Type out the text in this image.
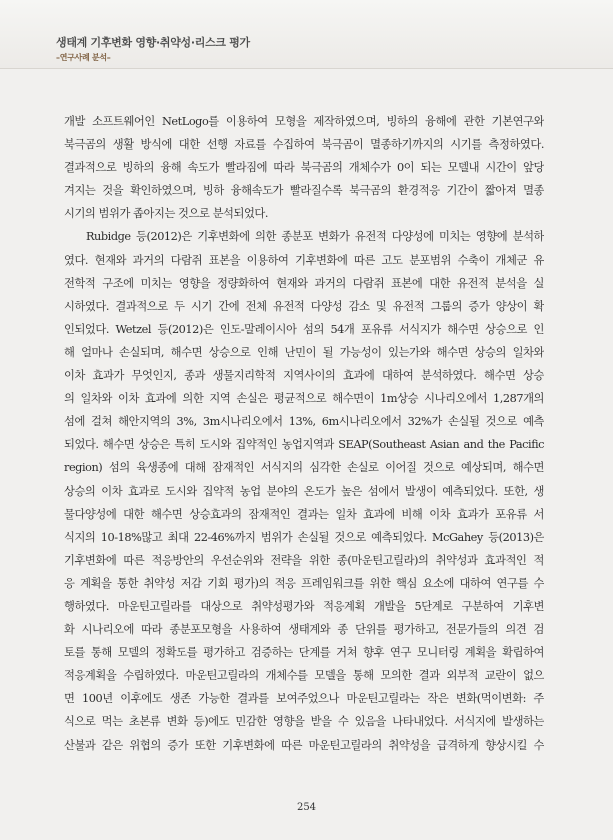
생태계 기후변화 영향·취약성·리스크 평가
–연구사례 분석–
개발 소프트웨어인 NetLogo를 이용하여 모형을 제작하였으며, 빙하의 융해에 관한 기본연구와
북극곰의 생활 방식에 대한 선행 자료를 수집하여 북극곰이 멸종하기까지의 시기를 측정하였다.
결과적으로 빙하의 융해 속도가 빨라짐에 따라 북극곰의 개체수가 0이 되는 모델내 시간이 앞당
겨지는 것을 확인하였으며, 빙하 융해속도가 빨라질수록 북극곰의 환경적응 기간이 짧아져 멸종
시기의 범위가 좁아지는 것으로 분석되었다.
Rubidge 등(2012)은 기후변화에 의한 종분포 변화가 유전적 다양성에 미치는 영향에 분석하
였다. 현재와 과거의 다람쥐 표본을 이용하여 기후변화에 따른 고도 분포범위 수축이 개체군 유
전학적 구조에 미치는 영향을 정량화하여 현재와 과거의 다람쥐 표본에 대한 유전적 분석을 실
시하였다. 결과적으로 두 시기 간에 전체 유전적 다양성 감소 및 유전적 그룹의 증가 양상이 확
인되었다. Wetzel 등(2012)은 인도-말레이시아 섬의 54개 포유류 서식지가 해수면 상승으로 인
해 얼마나 손실되며, 해수면 상승으로 인해 난민이 될 가능성이 있는가와 해수면 상승의 일차와
이차 효과가 무엇인지, 종과 생물지리학적 지역사이의 효과에 대하여 분석하였다. 해수면 상승
의 일차와 이차 효과에 의한 지역 손실은 평균적으로 해수면이 1m상승 시나리오에서 1,287개의
섬에 걸쳐 해안지역의 3%, 3m시나리오에서 13%, 6m시나리오에서 32%가 손실될 것으로 예측
되었다. 해수면 상승은 특히 도시와 집약적인 농업지역과 SEAP(Southeast Asian and the Pacific
region) 섬의 육생종에 대해 잠재적인 서식지의 심각한 손실로 이어질 것으로 예상되며, 해수면
상승의 이차 효과로 도시와 집약적 농업 분야의 온도가 높은 섬에서 발생이 예측되었다. 또한, 생
물다양성에 대한 해수면 상승효과의 잠재적인 결과는 일차 효과에 비해 이차 효과가 포유류 서
식지의 10-18%많고 최대 22-46%까지 범위가 손실될 것으로 예측되었다. McGahey 등(2013)은
기후변화에 따른 적응방안의 우선순위와 전략을 위한 종(마운틴고릴라)의 취약성과 효과적인 적
응 계획을 통한 취약성 저감 기회 평가)의 적응 프레임워크를 위한 핵심 요소에 대하여 연구를 수
행하였다. 마운틴고릴라를 대상으로 취약성평가와 적응계획 개발을 5단계로 구분하여 기후변
화 시나리오에 따라 종분포모형을 사용하여 생태계와 종 단위를 평가하고, 전문가들의 의견 검
토를 통해 모델의 정확도를 평가하고 검증하는 단계를 거쳐 향후 연구 모니터링 계획을 확립하여
적응계획을 수립하였다. 마운틴고릴라의 개체수를 모델을 통해 모의한 결과 외부적 교란이 없으
면 100년 이후에도 생존 가능한 결과를 보여주었으나 마운틴고릴라는 작은 변화(먹이변화: 주
식으로 먹는 초본류 변화 등)에도 민감한 영향을 받을 수 있음을 나타내었다. 서식지에 발생하는
산불과 같은 위협의 증가 또한 기후변화에 따른 마운틴고릴라의 취약성을 급격하게 향상시킬 수
254
